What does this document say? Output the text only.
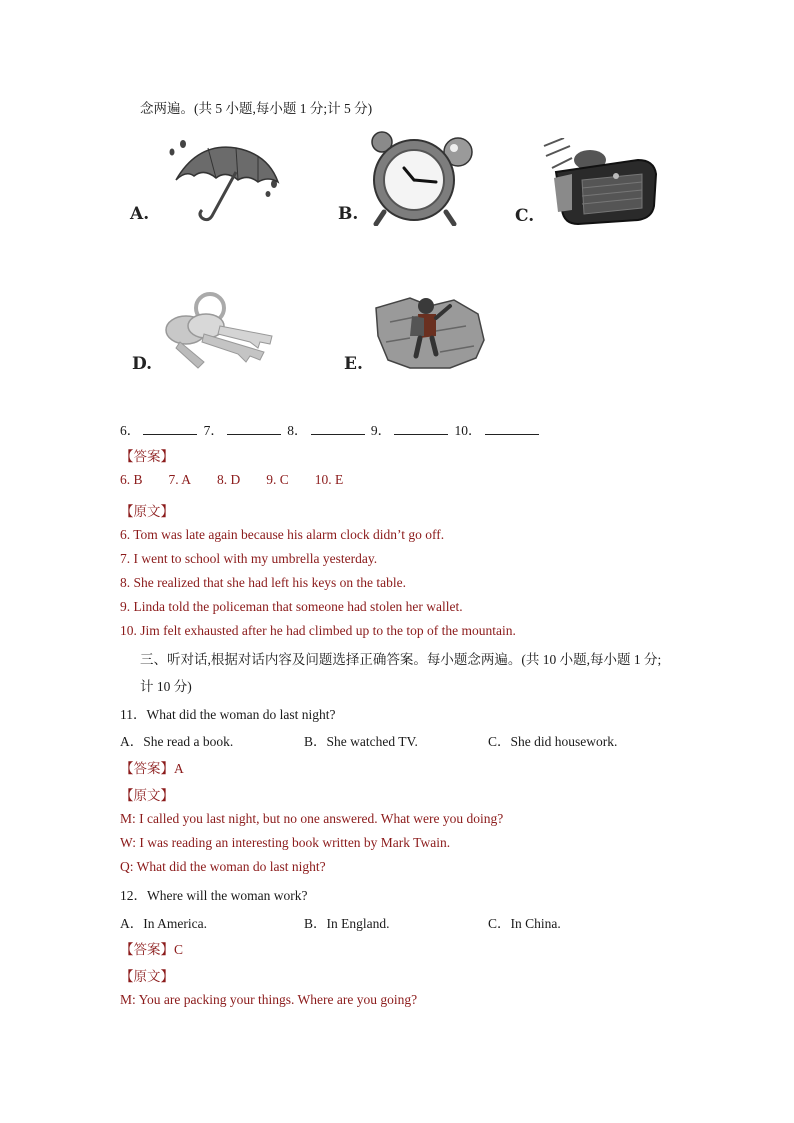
念两遍。(共 5 小题,每小题 1 分;计 5 分)
A.	B.	C.
D.	E.
6．	7．	8．	9．	10．
【答案】
6. B 7. A 8. D 9. C 10. E
【原文】
6. Tom was late again because his alarm clock didn’t go off.
7. I went to school with my umbrella yesterday.
8. She realized that she had left his keys on the table.
9. Linda told the policeman that someone had stolen her wallet.
10. Jim felt exhausted after he had climbed up to the top of the mountain.
三、听对话,根据对话内容及问题选择正确答案。每小题念两遍。(共 10 小题,每小题 1 分;
计 10 分)
11．What did the woman do last night?
A．She read a book.	B．She watched TV.	C．She did housework.
【答案】A
【原文】
M: I called you last night, but no one answered. What were you doing?
W: I was reading an interesting book written by Mark Twain.
Q: What did the woman do last night?
12．Where will the woman work?
A．In America.	B．In England.	C．In China.
【答案】C
【原文】
M: You are packing your things. Where are you going?
